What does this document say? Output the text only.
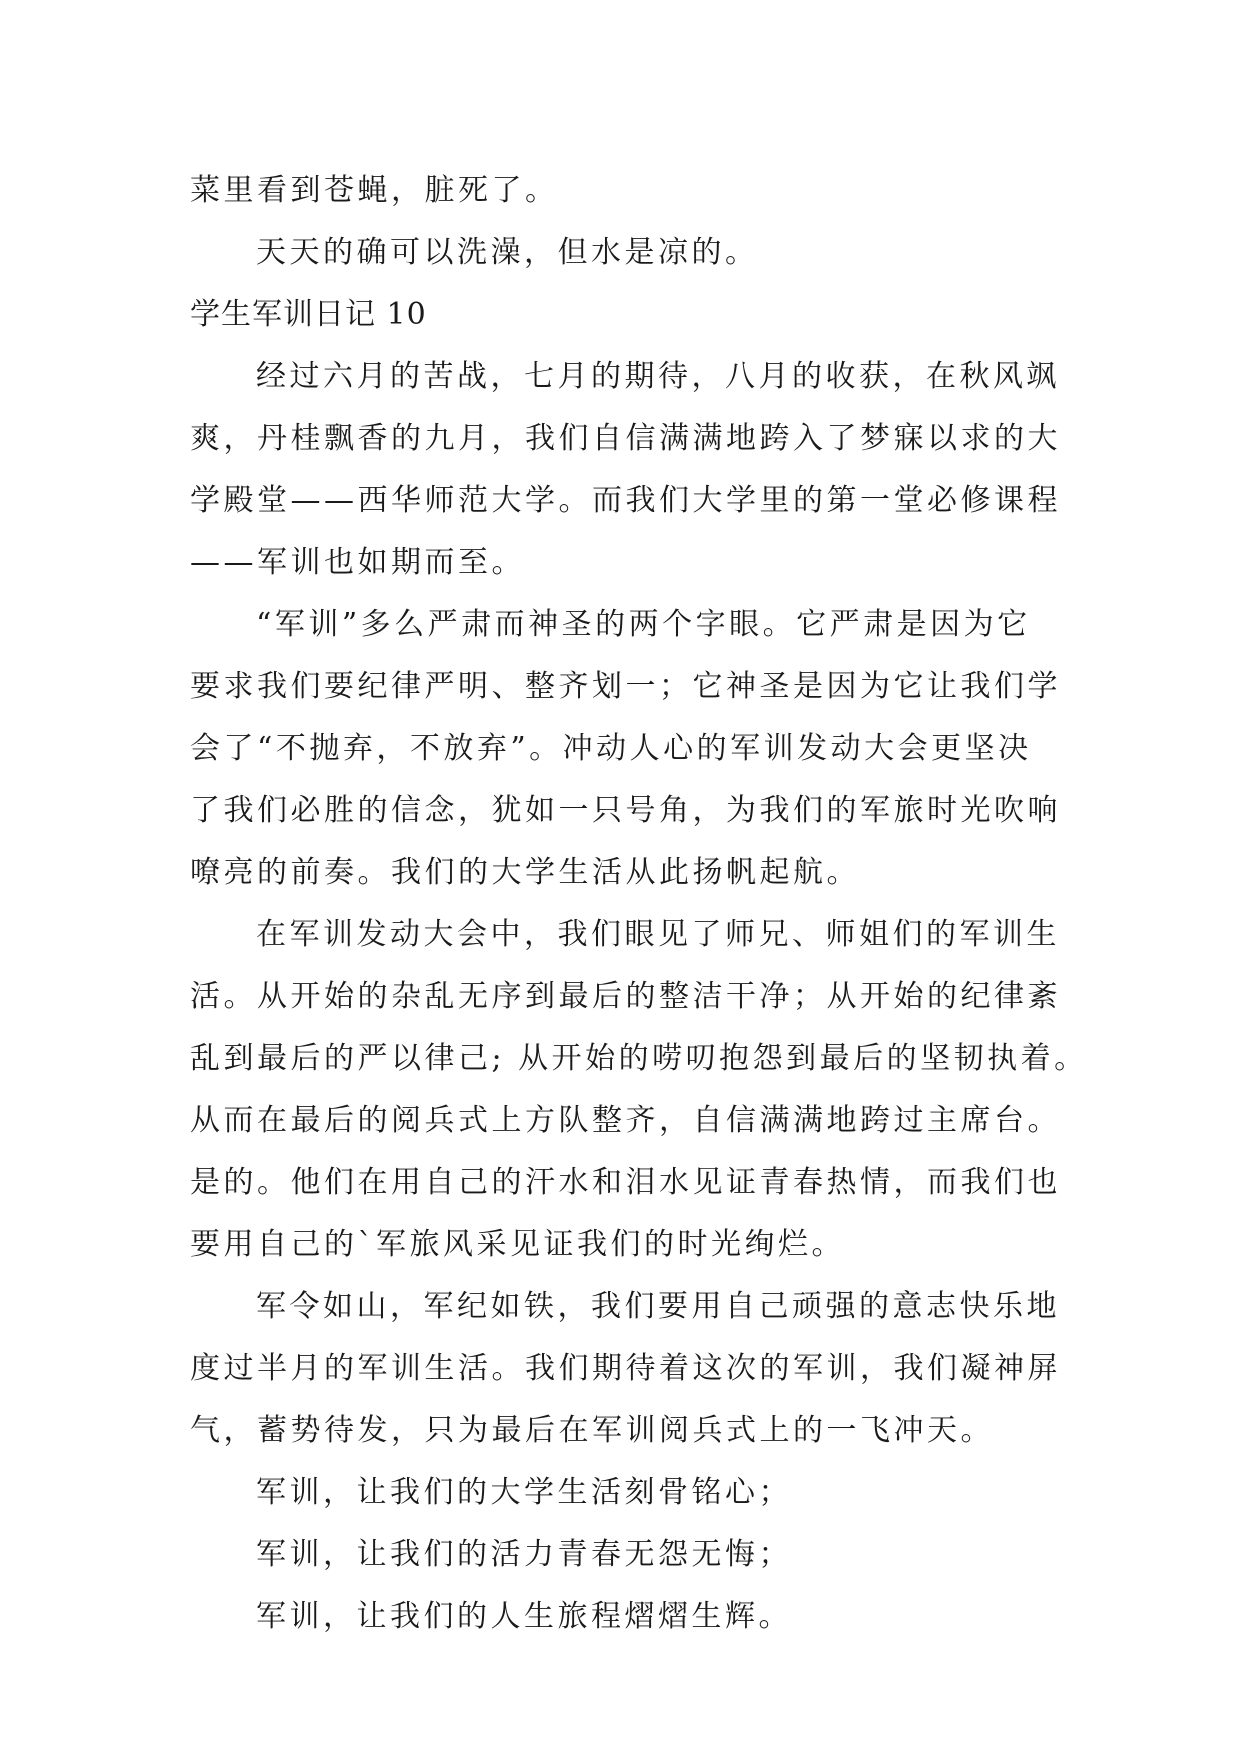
菜里看到苍蝇，脏死了。
天天的确可以洗澡，但水是凉的。
学生军训日记 10
经过六月的苦战，七月的期待，八月的收获，在秋风飒
爽，丹桂飘香的九月，我们自信满满地跨入了梦寐以求的大
学殿堂——西华师范大学。而我们大学里的第一堂必修课程
——军训也如期而至。
“军训”多么严肃而神圣的两个字眼。它严肃是因为它
要求我们要纪律严明、整齐划一；它神圣是因为它让我们学
会了“不抛弃，不放弃”。冲动人心的军训发动大会更坚决
了我们必胜的信念，犹如一只号角，为我们的军旅时光吹响
嘹亮的前奏。我们的大学生活从此扬帆起航。
在军训发动大会中，我们眼见了师兄、师姐们的军训生
活。从开始的杂乱无序到最后的整洁干净；从开始的纪律紊
乱到最后的严以律己; 从开始的唠叨抱怨到最后的坚韧执着。
从而在最后的阅兵式上方队整齐，自信满满地跨过主席台。
是的。他们在用自己的汗水和泪水见证青春热情，而我们也
要用自己的`军旅风采见证我们的时光绚烂。
军令如山，军纪如铁，我们要用自己顽强的意志快乐地
度过半月的军训生活。我们期待着这次的军训，我们凝神屏
气，蓄势待发，只为最后在军训阅兵式上的一飞冲天。
军训，让我们的大学生活刻骨铭心；
军训，让我们的活力青春无怨无悔；
军训，让我们的人生旅程熠熠生辉。
